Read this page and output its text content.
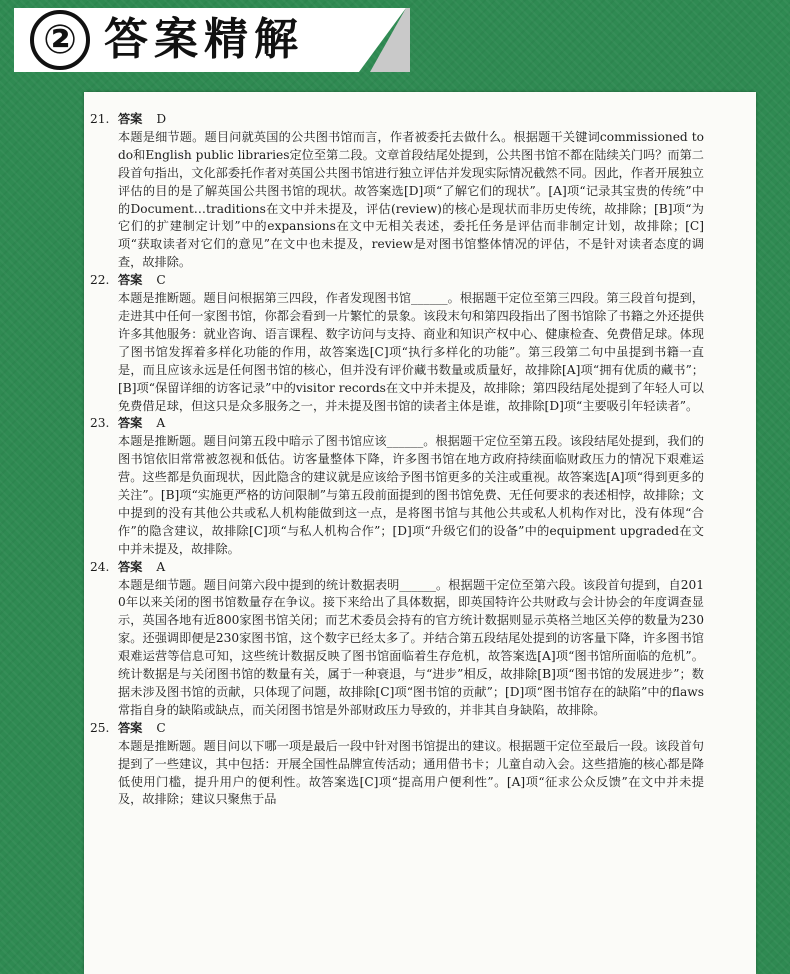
② 答案精解
21. 答案 D
本题是细节题。题目问就英国的公共图书馆而言，作者被委托去做什么。根据题干关键词commissioned to do和English public libraries定位至第二段。文章首段结尾处提到，公共图书馆不都在陆续关门吗？而第二段首句指出，文化部委托作者对英国公共图书馆进行独立评估并发现实际情况截然不同。因此，作者开展独立评估的目的是了解英国公共图书馆的现状。故答案选[D]项“了解它们的现状”。[A]项“记录其宝贵的传统”中的Document…traditions在文中并未提及，评估(review)的核心是现状而非历史传统，故排除；[B]项“为它们的扩建制定计划”中的expansions在文中无相关表述，委托任务是评估而非制定计划，故排除；[C]项“获取读者对它们的意见”在文中也未提及，review是对图书馆整体情况的评估，不是针对读者态度的调查，故排除。
22. 答案 C
本题是推断题。题目问根据第三四段，作者发现图书馆______。根据题干定位至第三四段。第三段首句提到，走进其中任何一家图书馆，你都会看到一片繁忙的景象。该段末句和第四段指出了图书馆除了书籍之外还提供许多其他服务：就业咨询、语言课程、数字访问与支持、商业和知识产权中心、健康检查、免费借足球。体现了图书馆发挥着多样化功能的作用，故答案选[C]项“执行多样化的功能”。第三段第二句中虽提到书籍一直是，而且应该永远是任何图书馆的核心，但并没有评价藏书数量或质量好，故排除[A]项“拥有优质的藏书”；[B]项“保留详细的访客记录”中的visitor records在文中并未提及，故排除；第四段结尾处提到了年轻人可以免费借足球，但这只是众多服务之一，并未提及图书馆的读者主体是谁，故排除[D]项“主要吸引年轻读者”。
23. 答案 A
本题是推断题。题目问第五段中暗示了图书馆应该______。根据题干定位至第五段。该段结尾处提到，我们的图书馆依旧常常被忽视和低估。访客量整体下降，许多图书馆在地方政府持续面临财政压力的情况下艰难运营。这些都是负面现状，因此隐含的建议就是应该给予图书馆更多的关注或重视。故答案选[A]项“得到更多的关注”。[B]项“实施更严格的访问限制”与第五段前面提到的图书馆免费、无任何要求的表述相悖，故排除；文中提到的没有其他公共或私人机构能做到这一点，是将图书馆与其他公共或私人机构作对比，没有体现“合作”的隐含建议，故排除[C]项“与私人机构合作”；[D]项“升级它们的设备”中的equipment upgraded在文中并未提及，故排除。
24. 答案 A
本题是细节题。题目问第六段中提到的统计数据表明______。根据题干定位至第六段。该段首句提到，自2010年以来关闭的图书馆数量存在争议。接下来给出了具体数据，即英国特许公共财政与会计协会的年度调查显示，英国各地有近800家图书馆关闭；而艺术委员会持有的官方统计数据则显示英格兰地区关停的数量为230家。还强调即便是230家图书馆，这个数字已经太多了。并结合第五段结尾处提到的访客量下降，许多图书馆艰难运营等信息可知，这些统计数据反映了图书馆面临着生存危机，故答案选[A]项“图书馆所面临的危机”。统计数据是与关闭图书馆的数量有关，属于一种衰退，与“进步”相反，故排除[B]项“图书馆的发展进步”；数据未涉及图书馆的贡献，只体现了问题，故排除[C]项“图书馆的贡献”；[D]项“图书馆存在的缺陷”中的flaws常指自身的缺陷或缺点，而关闭图书馆是外部财政压力导致的，并非其自身缺陷，故排除。
25. 答案 C
本题是推断题。题目问以下哪一项是最后一段中针对图书馆提出的建议。根据题干定位至最后一段。该段首句提到了一些建议，其中包括：开展全国性品牌宣传活动；通用借书卡；儿童自动入会。这些措施的核心都是降低使用门槛，提升用户的便利性。故答案选[C]项“提高用户便利性”。[A]项“征求公众反馈”在文中并未提及，故排除；建议只聚焦于品
